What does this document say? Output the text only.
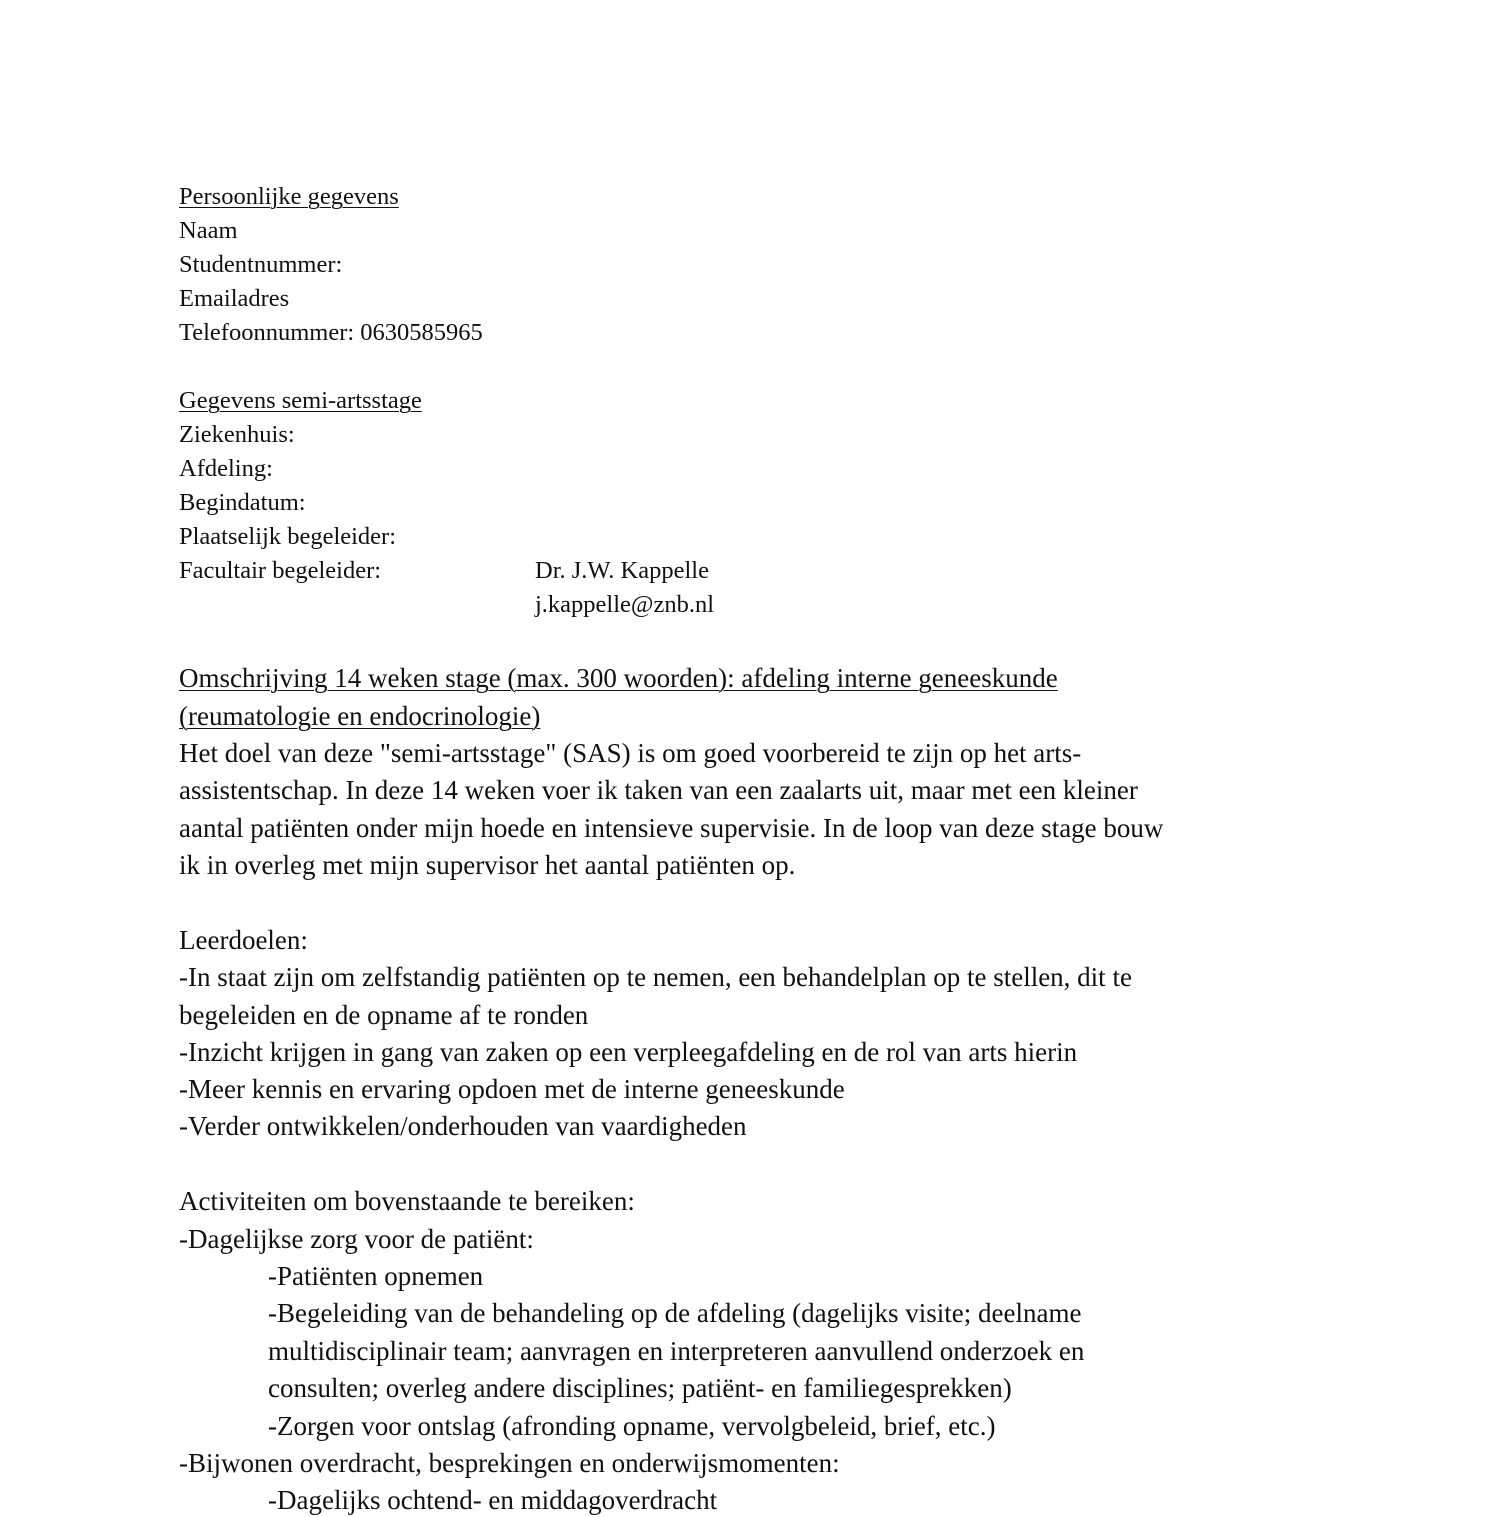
Persoonlijke gegevens
Naam
Studentnummer:
Emailadres
Telefoonnummer: 0630585965
Gegevens semi-artsstage
Ziekenhuis:
Afdeling:
Begindatum:
Plaatselijk begeleider:
Facultair begeleider:	Dr. J.W. Kappelle
j.kappelle@znb.nl
Omschrijving 14 weken stage (max. 300 woorden): afdeling interne geneeskunde
(reumatologie en endocrinologie)
Het doel van deze "semi-artsstage" (SAS) is om goed voorbereid te zijn op het arts-
assistentschap. In deze 14 weken voer ik taken van een zaalarts uit, maar met een kleiner
aantal patiënten onder mijn hoede en intensieve supervisie. In de loop van deze stage bouw
ik in overleg met mijn supervisor het aantal patiënten op.
Leerdoelen:
-In staat zijn om zelfstandig patiënten op te nemen, een behandelplan op te stellen, dit te
begeleiden en de opname af te ronden
-Inzicht krijgen in gang van zaken op een verpleegafdeling en de rol van arts hierin
-Meer kennis en ervaring opdoen met de interne geneeskunde
-Verder ontwikkelen/onderhouden van vaardigheden
Activiteiten om bovenstaande te bereiken:
-Dagelijkse zorg voor de patiënt:
-Patiënten opnemen
-Begeleiding van de behandeling op de afdeling (dagelijks visite; deelname
multidisciplinair team; aanvragen en interpreteren aanvullend onderzoek en
consulten; overleg andere disciplines; patiënt- en familiegesprekken)
-Zorgen voor ontslag (afronding opname, vervolgbeleid, brief, etc.)
-Bijwonen overdracht, besprekingen en onderwijsmomenten:
-Dagelijks ochtend- en middagoverdracht
